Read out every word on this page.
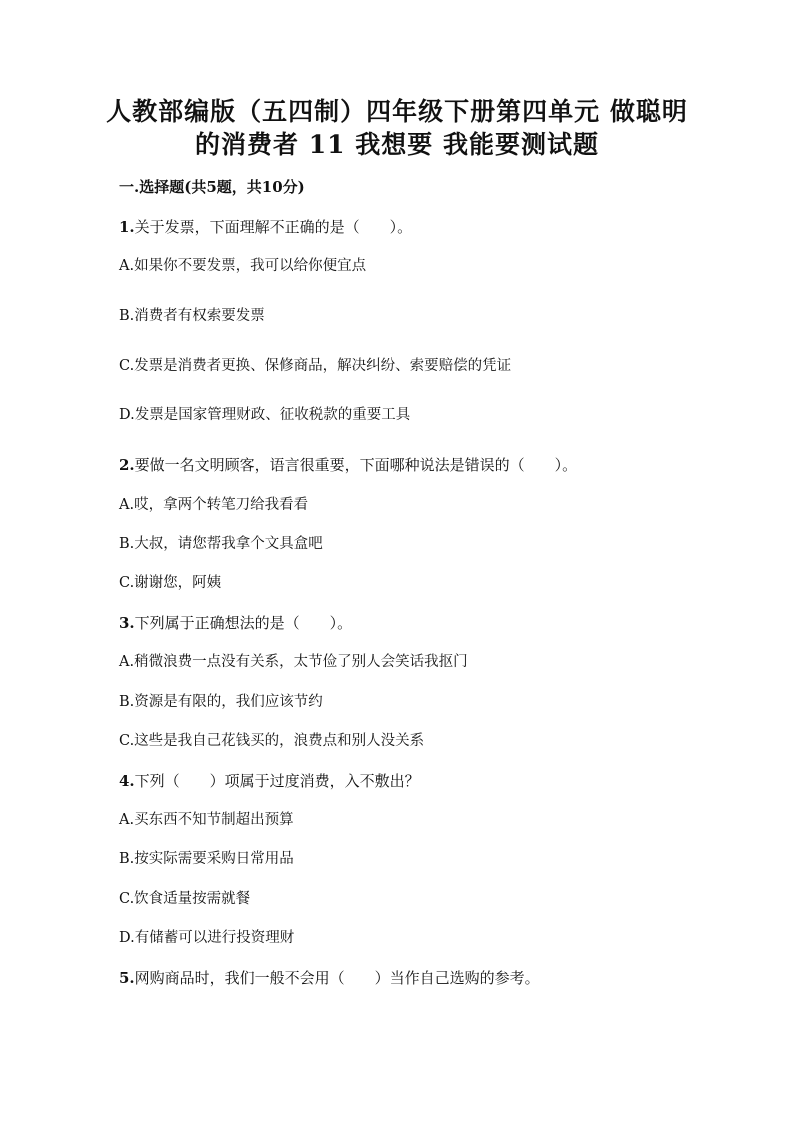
人教部编版（五四制）四年级下册第四单元 做聪明
的消费者 11 我想要 我能要测试题
一.选择题(共5题，共10分)
1.关于发票，下面理解不正确的是（　　）。
A.如果你不要发票，我可以给你便宜点
B.消费者有权索要发票
C.发票是消费者更换、保修商品，解决纠纷、索要赔偿的凭证
D.发票是国家管理财政、征收税款的重要工具
2.要做一名文明顾客，语言很重要，下面哪种说法是错误的（　　）。
A.哎，拿两个转笔刀给我看看
B.大叔，请您帮我拿个文具盒吧
C.谢谢您，阿姨
3.下列属于正确想法的是（　　）。
A.稍微浪费一点没有关系，太节俭了别人会笑话我抠门
B.资源是有限的，我们应该节约
C.这些是我自己花钱买的，浪费点和别人没关系
4.下列（　　）项属于过度消费，入不敷出？
A.买东西不知节制超出预算
B.按实际需要采购日常用品
C.饮食适量按需就餐
D.有储蓄可以进行投资理财
5.网购商品时，我们一般不会用（　　）当作自己选购的参考。
